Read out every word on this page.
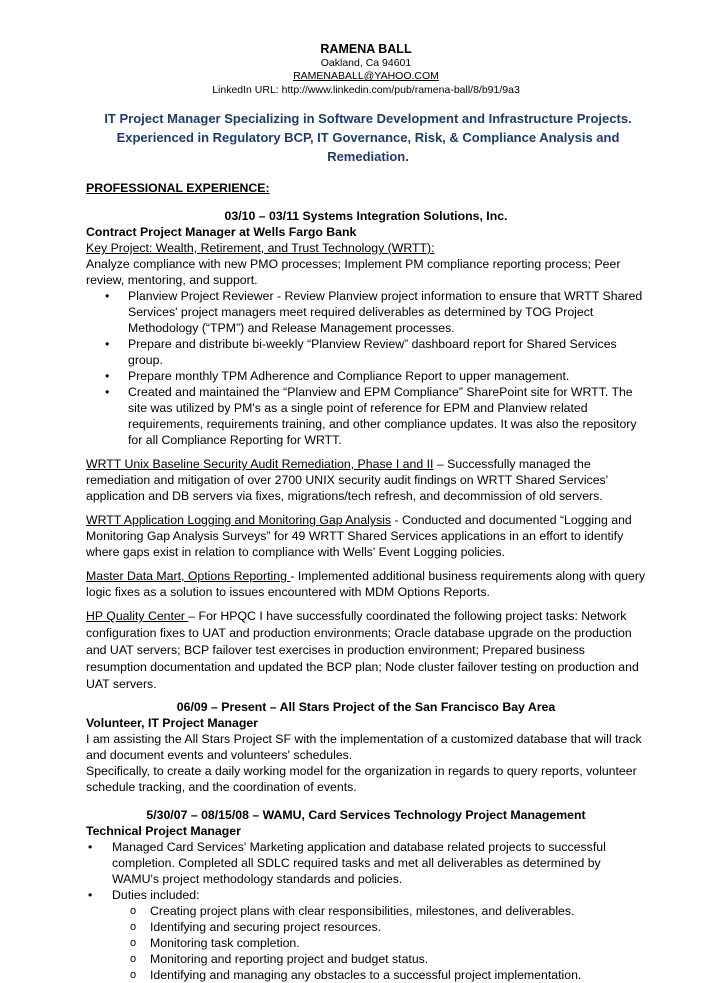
RAMENA BALL
Oakland, Ca 94601
RAMENABALL@YAHOO.COM
LinkedIn URL: http://www.linkedin.com/pub/ramena-ball/8/b91/9a3
IT Project Manager Specializing in Software Development and Infrastructure Projects.
Experienced in Regulatory BCP, IT Governance, Risk, & Compliance Analysis and Remediation.
PROFESSIONAL EXPERIENCE:
03/10 – 03/11 Systems Integration Solutions, Inc.
Contract Project Manager at Wells Fargo Bank
Key Project: Wealth, Retirement, and Trust Technology (WRTT):

Analyze compliance with new PMO processes; Implement PM compliance reporting process; Peer review, mentoring, and support.

• Planview Project Reviewer - Review Planview project information to ensure that WRTT Shared Services' project managers meet required deliverables as determined by TOG Project Methodology (“TPM”) and Release Management processes.
• Prepare and distribute bi-weekly “Planview Review” dashboard report for Shared Services group.
• Prepare monthly TPM Adherence and Compliance Report to upper management.
• Created and maintained the “Planview and EPM Compliance” SharePoint site for WRTT. The site was utilized by PM's as a single point of reference for EPM and Planview related requirements, requirements training, and other compliance updates. It was also the repository for all Compliance Reporting for WRTT.

WRTT Unix Baseline Security Audit Remediation, Phase I and II – Successfully managed the remediation and mitigation of over 2700 UNIX security audit findings on WRTT Shared Services' application and DB servers via fixes, migrations/tech refresh, and decommission of old servers.

WRTT Application Logging and Monitoring Gap Analysis - Conducted and documented “Logging and Monitoring Gap Analysis Surveys” for 49 WRTT Shared Services applications in an effort to identify where gaps exist in relation to compliance with Wells' Event Logging policies.

Master Data Mart, Options Reporting - Implemented additional business requirements along with query logic fixes as a solution to issues encountered with MDM Options Reports.

HP Quality Center – For HPQC I have successfully coordinated the following project tasks: Network configuration fixes to UAT and production environments; Oracle database upgrade on the production and UAT servers; BCP failover test exercises in production environment; Prepared business resumption documentation and updated the BCP plan; Node cluster failover testing on production and UAT servers.

06/09 – Present – All Stars Project of the San Francisco Bay Area
Volunteer, IT Project Manager

I am assisting the All Stars Project SF with the implementation of a customized database that will track and document events and volunteers' schedules.

Specifically, to create a daily working model for the organization in regards to query reports, volunteer schedule tracking, and the coordination of events.

5/30/07 – 08/15/08 – WAMU, Card Services Technology Project Management
Technical Project Manager
• Managed Card Services' Marketing application and database related projects to successful completion. Completed all SDLC required tasks and met all deliverables as determined by WAMU's project methodology standards and policies.
• Duties included:
o Creating project plans with clear responsibilities, milestones, and deliverables.
o Identifying and securing project resources.
o Monitoring task completion.
o Monitoring and reporting project and budget status.
o Identifying and managing any obstacles to a successful project implementation.
